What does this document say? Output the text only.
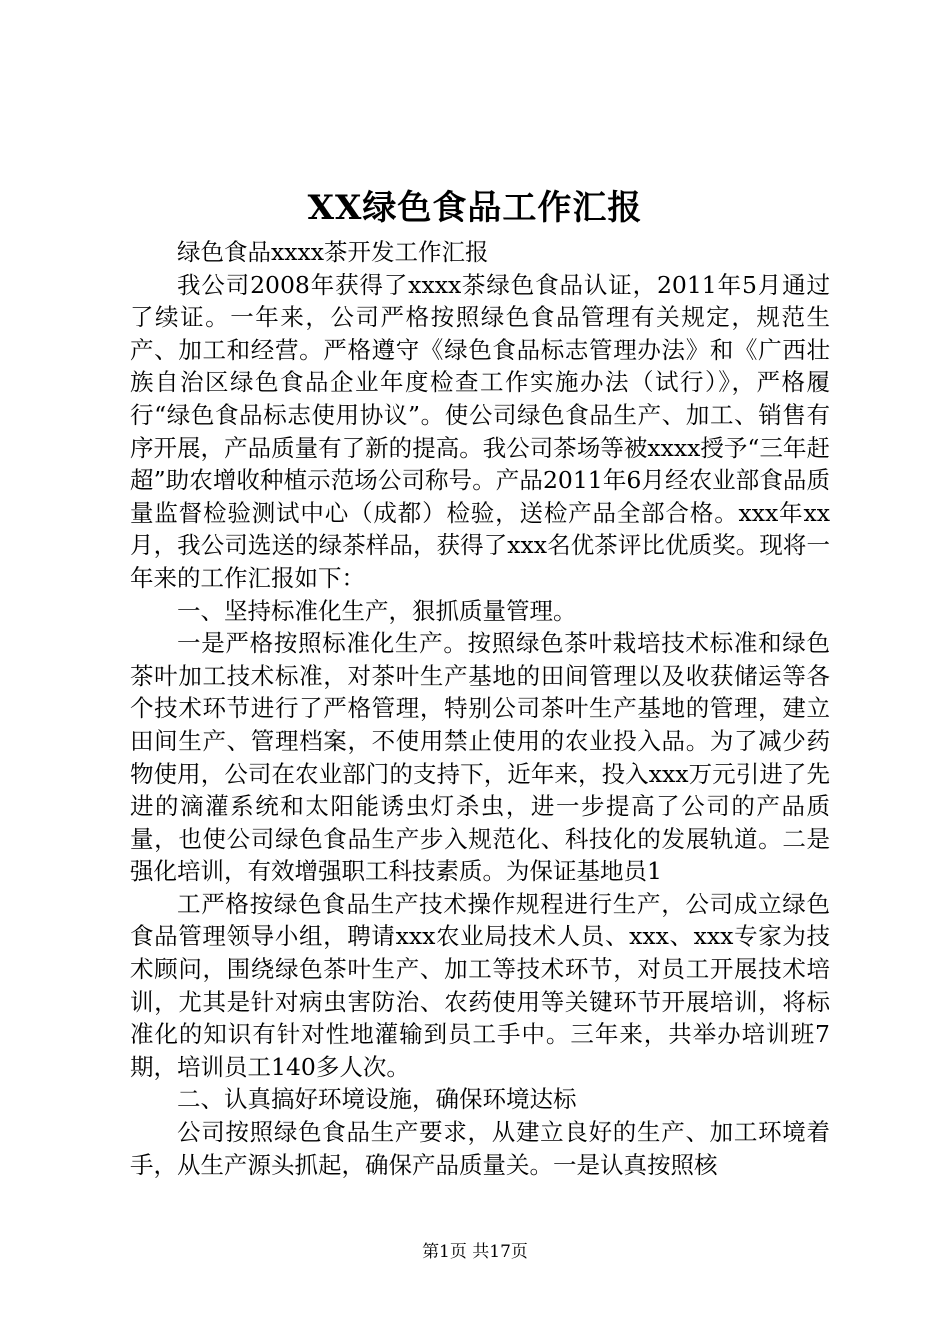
XX绿色食品工作汇报

绿色食品xxxx茶开发工作汇报

我公司2008年获得了xxxx茶绿色食品认证，2011年5月通过了续证。一年来，公司严格按照绿色食品管理有关规定，规范生产、加工和经营。严格遵守《绿色食品标志管理办法》和《广西壮族自治区绿色食品企业年度检查工作实施办法（试行）》，严格履行“绿色食品标志使用协议”。使公司绿色食品生产、加工、销售有序开展，产品质量有了新的提高。我公司茶场等被xxxx授予“三年赶超”助农增收种植示范场公司称号。产品2011年6月经农业部食品质量监督检验测试中心（成都）检验，送检产品全部合格。xxx年xx月，我公司选送的绿茶样品，获得了xxx名优茶评比优质奖。现将一年来的工作汇报如下：

一、坚持标准化生产，狠抓质量管理。

一是严格按照标准化生产。按照绿色茶叶栽培技术标准和绿色茶叶加工技术标准，对茶叶生产基地的田间管理以及收获储运等各个技术环节进行了严格管理，特别公司茶叶生产基地的管理，建立田间生产、管理档案，不使用禁止使用的农业投入品。为了减少药物使用，公司在农业部门的支持下，近年来，投入xxx万元引进了先进的滴灌系统和太阳能诱虫灯杀虫，进一步提高了公司的产品质量，也使公司绿色食品生产步入规范化、科技化的发展轨道。二是强化培训，有效增强职工科技素质。为保证基地员1

工严格按绿色食品生产技术操作规程进行生产，公司成立绿色食品管理领导小组，聘请xxx农业局技术人员、xxx、xxx专家为技术顾问，围绕绿色茶叶生产、加工等技术环节，对员工开展技术培训，尤其是针对病虫害防治、农药使用等关键环节开展培训，将标准化的知识有针对性地灌输到员工手中。三年来，共举办培训班7期，培训员工140多人次。

二、认真搞好环境设施，确保环境达标

公司按照绿色食品生产要求，从建立良好的生产、加工环境着手，从生产源头抓起，确保产品质量关。一是认真按照核

第1页 共17页
